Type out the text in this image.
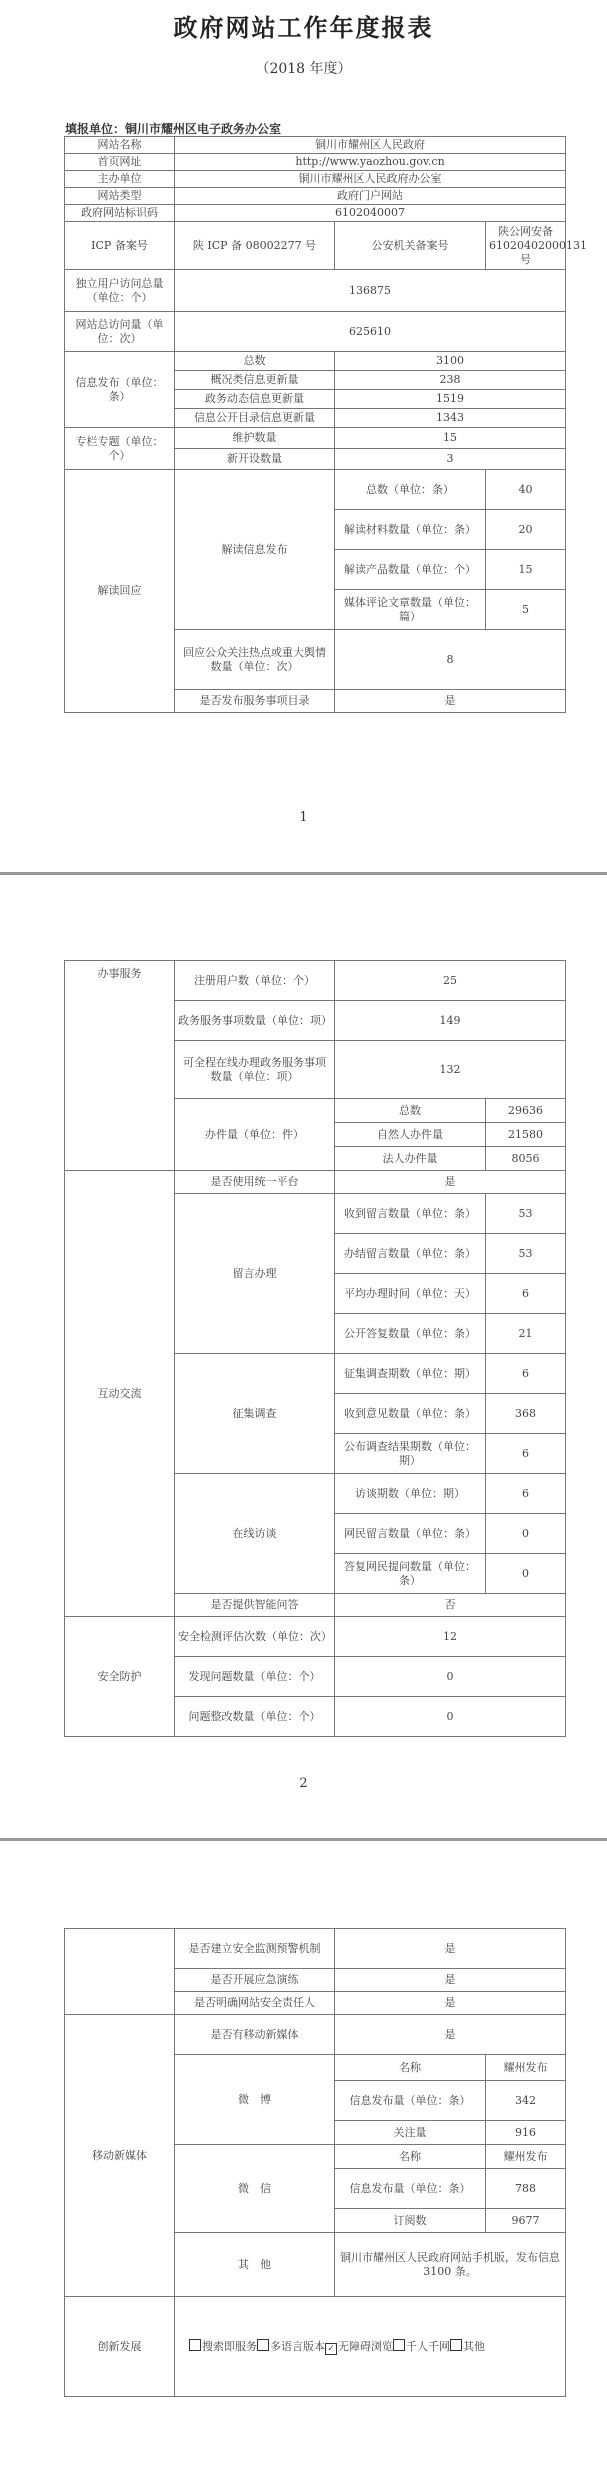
政府网站工作年度报表
（2018 年度）
填报单位：铜川市耀州区电子政务办公室
网站名称	铜川市耀州区人民政府		
首页网址	http://www.yaozhou.gov.cn		
主办单位	铜川市耀州区人民政府办公室		
网站类型	政府门户网站		
政府网站标识码	6102040007		
ICP 备案号	陕 ICP 备 08002277 号	公安机关备案号	陕公网安备61020402000131 号
独立用户访问总量（单位：个）	136875		
网站总访问量（单位：次）	625610		
信息发布（单位：条）	总数	3100	
	概况类信息更新量	238	
	政务动态信息更新量	1519	
	信息公开目录信息更新量	1343	
专栏专题（单位：个）	维护数量	15	
	新开设数量	3	
解读回应	解读信息发布	总数（单位：条）	40
		解读材料数量（单位：条）	20
		解读产品数量（单位：个）	15
		媒体评论文章数量（单位：篇）	5
	回应公众关注热点或重大舆情数量（单位：次）	8	
	是否发布服务事项目录	是	
1
办事服务	注册用户数（单位：个）	25	
	政务服务事项数量（单位：项）	149	
	可全程在线办理政务服务事项数量（单位：项）	132	
	办件量（单位：件）	总数	29636
		自然人办件量	21580
		法人办件量	8056
互动交流	是否使用统一平台	是	
	留言办理	收到留言数量（单位：条）	53
		办结留言数量（单位：条）	53
		平均办理时间（单位：天）	6
		公开答复数量（单位：条）	21
	征集调查	征集调查期数（单位：期）	6
		收到意见数量（单位：条）	368
		公布调查结果期数（单位：期）	6
	在线访谈	访谈期数（单位：期）	6
		网民留言数量（单位：条）	0
		答复网民提问数量（单位：条）	0
	是否提供智能问答	否	
安全防护	安全检测评估次数（单位：次）	12	
	发现问题数量（单位：个）	0	
	问题整改数量（单位：个）	0	
2
	是否建立安全监测预警机制	是	
	是否开展应急演练	是	
	是否明确网站安全责任人	是	
移动新媒体	是否有移动新媒体	是	
	微　博	名称	耀州发布
		信息发布量（单位：条）	342
		关注量	916
	微　信	名称	耀州发布
		信息发布量（单位：条）	788
		订阅数	9677
	其　他	铜川市耀州区人民政府网站手机版，发布信息 3100 条。	
创新发展	搜索即服务 多语言版本 ✓ 无障碍浏览 千人千网 其他		
